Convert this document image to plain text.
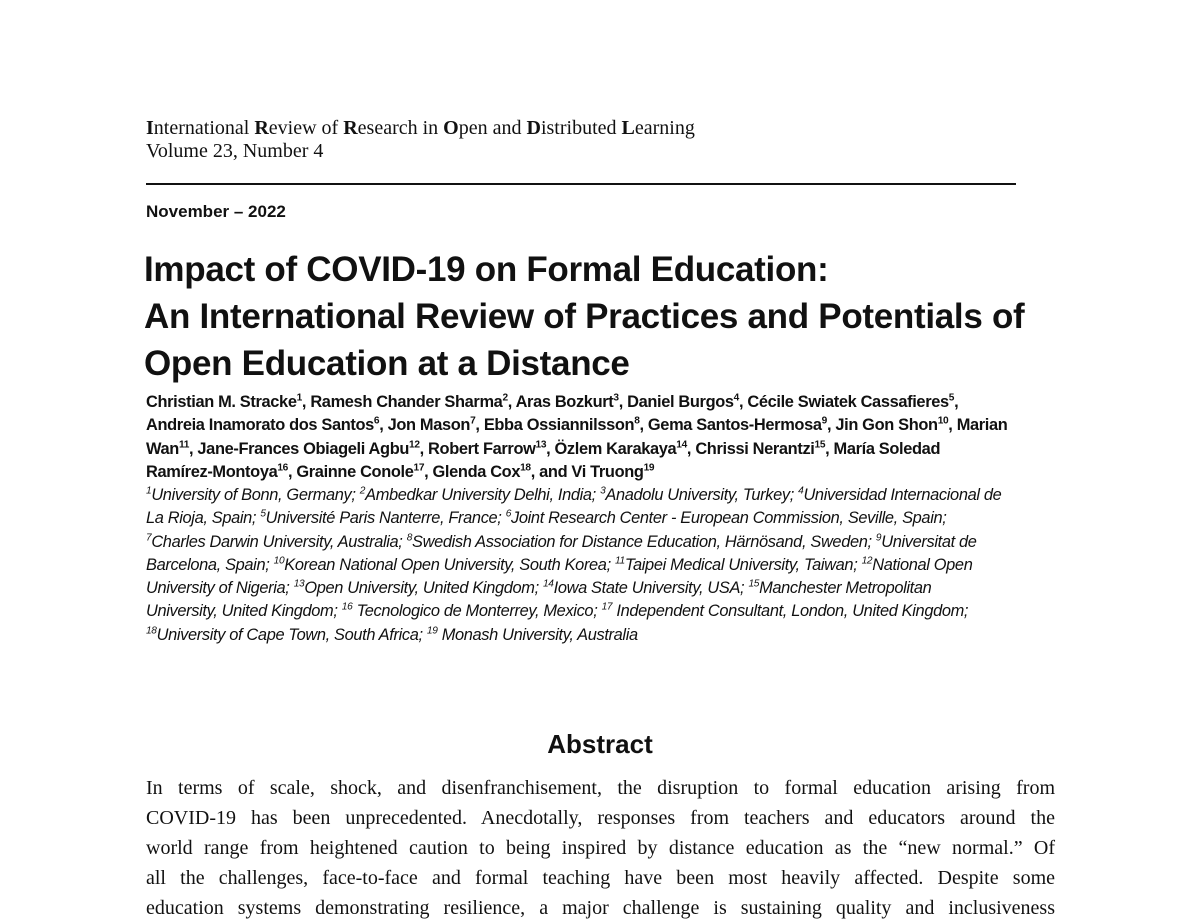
International Review of Research in Open and Distributed Learning
Volume 23, Number 4
November – 2022
Impact of COVID-19 on Formal Education:
An International Review of Practices and Potentials of
Open Education at a Distance
Christian M. Stracke$^1$, Ramesh Chander Sharma$^2$, Aras Bozkurt$^3$, Daniel Burgos$^4$, Cécile Swiatek Cassafieres$^5$,
Andreia Inamorato dos Santos$^6$, Jon Mason$^7$, Ebba Ossiannilsson$^8$, Gema Santos-Hermosa$^9$, Jin Gon Shon$^{10}$, Marian
Wan$^{11}$, Jane-Frances Obiageli Agbu$^{12}$, Robert Farrow$^{13}$, Özlem Karakaya$^{14}$, Chrissi Nerantzi$^{15}$, María Soledad
Ramírez-Montoya$^{16}$, Grainne Conole$^{17}$, Glenda Cox$^{18}$, and Vi Truong$^{19}$
$^1$University of Bonn, Germany; $^2$Ambedkar University Delhi, India; $^3$Anadolu University, Turkey; $^4$Universidad Internacional de
La Rioja, Spain; $^5$Université Paris Nanterre, France; $^6$Joint Research Center - European Commission, Seville, Spain;
$^7$Charles Darwin University, Australia; $^8$Swedish Association for Distance Education, Härnösand, Sweden; $^9$Universitat de
Barcelona, Spain; $^{10}$Korean National Open University, South Korea; $^{11}$Taipei Medical University, Taiwan; $^{12}$National Open
University of Nigeria; $^{13}$Open University, United Kingdom; $^{14}$Iowa State University, USA; $^{15}$Manchester Metropolitan
University, United Kingdom; $^{16}$ Tecnologico de Monterrey, Mexico; $^{17}$ Independent Consultant, London, United Kingdom;
$^{18}$University of Cape Town, South Africa; $^{19}$ Monash University, Australia
Abstract
In terms of scale, shock, and disenfranchisement, the disruption to formal education arising from
COVID-19 has been unprecedented. Anecdotally, responses from teachers and educators around the
world range from heightened caution to being inspired by distance education as the “new normal.” Of
all the challenges, face-to-face and formal teaching have been most heavily affected. Despite some
education systems demonstrating resilience, a major challenge is sustaining quality and inclusiveness
